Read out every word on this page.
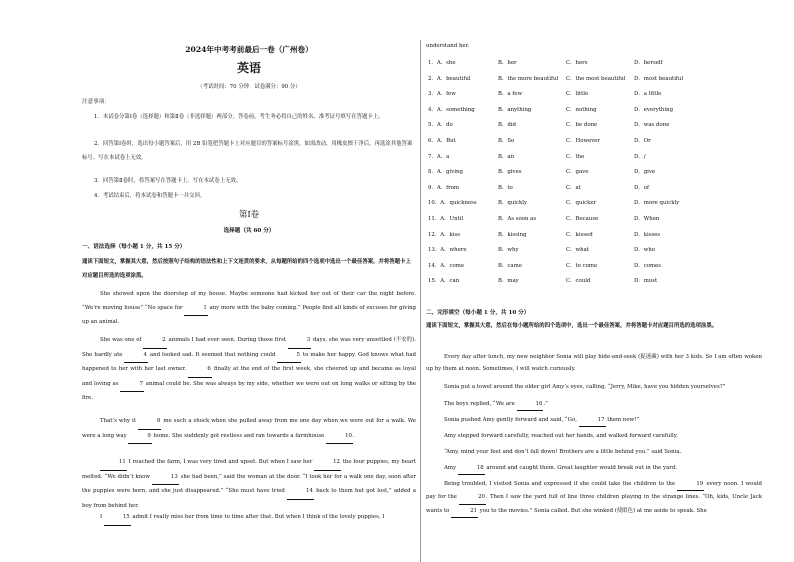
2024年中考考前最后一卷（广州卷）
英语
（考试时间：70 分钟　试卷满分：90 分）
注意事项：
1．本试卷分第Ⅰ卷（选择题）和第Ⅱ卷（非选择题）两部分。答卷前，考生务必将自己的姓名、准考证号填写在答题卡上。
2．回答第Ⅰ卷时，选出每小题答案后，用 2B 铅笔把答题卡上对应题目的答案标号涂黑。如需改动，用橡皮擦干净后，再选涂其他答案标号。写在本试卷上无效。
3．回答第Ⅱ卷时，将答案写在答题卡上。写在本试卷上无效。
4．考试结束后，将本试卷和答题卡一并交回。
第Ⅰ卷
选择题（共 60 分）
一、语法选择（每小题 1 分，共 15 分）
通读下面短文，掌握其大意，然后按照句子结构的语法性和上下文连贯的要求，从每题所给的四个选项中选出一个最佳答案，并将答题卡上对应题目所选的选项涂黑。
She showed upon the doorstep of my house. Maybe someone had kicked her out of their car the night before. “We’re moving house” “No space for	1 any more with the baby coming.” People find all kinds of excuses for giving up an animal.
She was one of	2 animals I had ever seen. During those first	3 days, she was very unsettled (不安的). She hardly ate	4 and looked sad. It seemed that nothing could	5 to make her happy. God knows what had happened to her with her last owner.	6 finally at the end of the first week, she cheered up and became as loyal and loving as	7 animal could be. She was always by my side, whether we were out on long walks or sitting by the fire.
That’s why it	8 me such a shock when she pulled away from me one day when we were out for a walk. We were a long way	9 home. She suddenly got restless and ran towards a farmhouse	10.
11 I reached the farm, I was very tired and upset. But when I saw her	12 the four puppies, my heart melted. “We didn’t know	13 she had been,” said the woman at the door. “I took her for a walk one day, soon after the puppies were born, and she just disappeared.” “She must have tried	14 back to them but got lost,” added a boy from behind her.
I	15 admit I really miss her from time to time after that. But when I think of the lovely puppies, I
understand her.
1．A．she	B．her	C．hers	D．herself
2．A．beautiful	B．the more beautiful C．the most beautiful D．most beautiful
3．A．few	B．a few	C．little	D．a little
4．A．something	B．anything	C．nothing	D．everything
5．A．do	B．did	C．be done	D．was done
6．A．But	B．So	C．However	D．Or
7．A．a	B．an	C．the	D．/
8．A．giving	B．gives	C．gave	D．give
9．A．from	B．to	C．at	D．of
10．A．quickness	B．quickly	C．quicker	D．more quickly
11．A．Until	B．As soon as	C．Because	D．When
12．A．kiss	B．kissing	C．kissed	D．kisses
13．A．where	B．why	C．what	D．who
14．A．come	B．came	C．to come	D．comes
15．A．can	B．may	C．could	D．must
二、完形填空（每小题 1 分，共 10 分）
通读下面短文，掌握其大意，然后在每小题所给的四个选项中，选出一个最佳答案，并将答题卡对应题目所选的选项涂黑。
Every day after lunch, my new neighbor Sonia will play hide-and-seek (捉迷藏) with her 3 kids. So I am often woken up by them at noon. Sometimes, I will watch curiously.
Sonia put a towel around the older girl Amy’s eyes, calling, “Jerry, Mike, have you hidden yourselves?”
The boys replied, “We are	16.”
Sonia pushed Amy gently forward and said, “Go,	17 them now!”
Amy stepped forward carefully, reached out her hands, and walked forward carefully.
“Amy, mind your feet and don’t fall down! Brothers are a little behind you.” said Sonia.
Amy	18 around and caught them. Great laughter would break out in the yard.
Being troubled, I visited Sonia and expressed if she could take the children to the	19 every noon. I would pay for the	20. Then I saw the yard full of line three children playing in the strange lines. “Oh, kids, Uncle Jack wants to	21 you to the movies.” Sonia called. But she winked (使眼色) at me aside to speak. She
